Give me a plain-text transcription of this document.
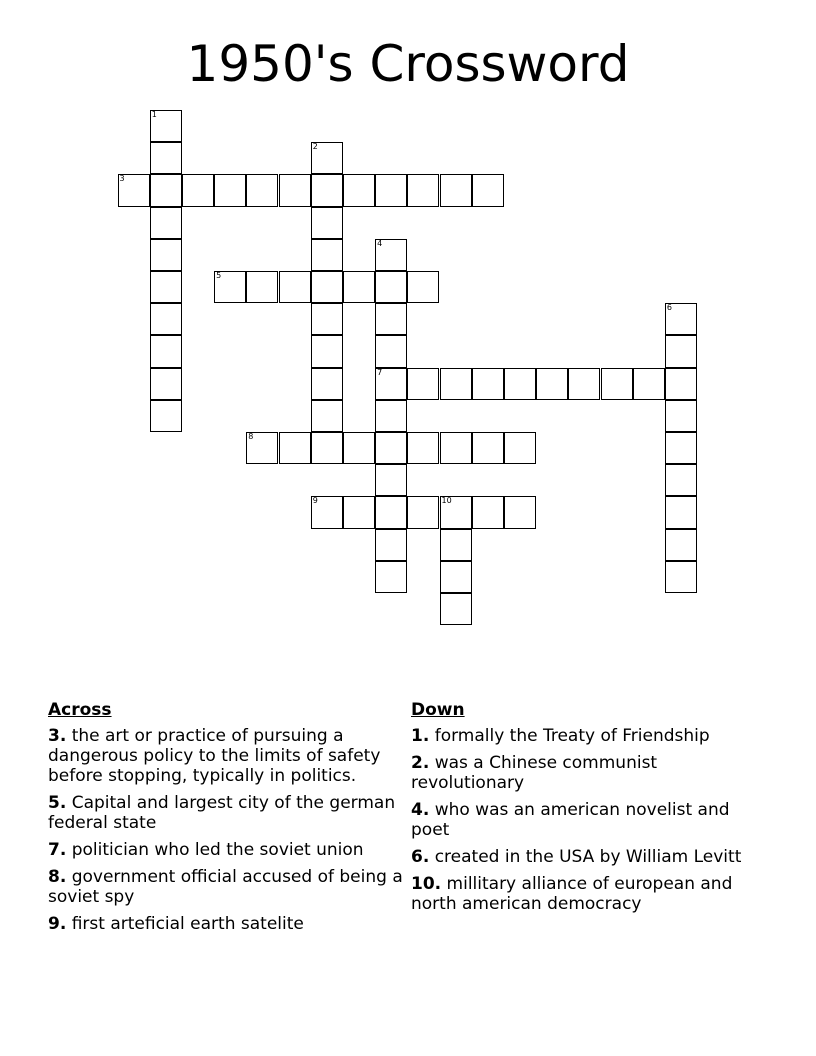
1950's Crossword
1
2
3
4
7
5
6
8
9	10
Across
3. the art or practice of pursuing a dangerous policy to the limits of safety before stopping, typically in politics.
5. Capital and largest city of the german federal state
7. politician who led the soviet union
8. government official accused of being a soviet spy
9. first arteficial earth satelite
Down
1. formally the Treaty of Friendship
2. was a Chinese communist revolutionary
4. who was an american novelist and poet
6. created in the USA by William Levitt
10. millitary alliance of european and north american democracy
